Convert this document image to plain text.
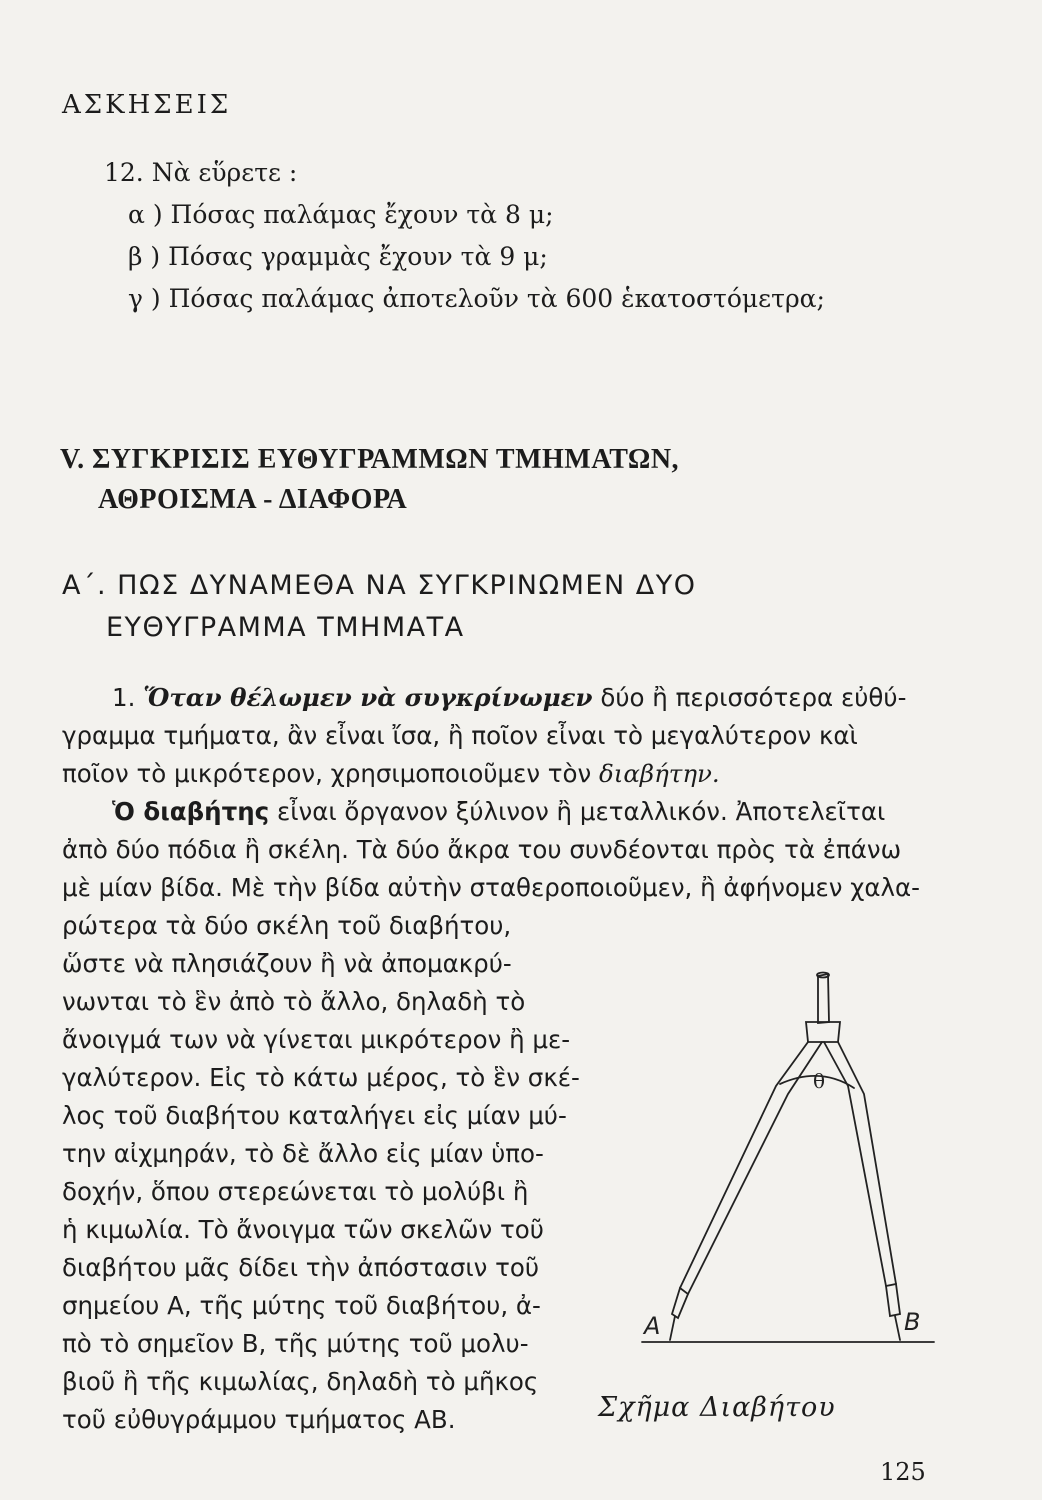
ΑΣΚΗΣΕΙΣ
12. Νὰ εὕρετε :
α ) Πόσας παλάμας ἔχουν τὰ 8 μ;
β ) Πόσας γραμμὰς ἔχουν τὰ 9 μ;
γ ) Πόσας παλάμας ἀποτελοῦν τὰ 600 ἑκατοστόμετρα;
V. ΣΥΓΚΡΙΣΙΣ ΕΥΘΥΓΡΑΜΜΩΝ ΤΜΗΜΑΤΩΝ,
ΑΘΡΟΙΣΜΑ - ΔΙΑΦΟΡΑ
Α΄. ΠΩΣ ΔΥΝΑΜΕΘΑ ΝΑ ΣΥΓΚΡΙΝΩΜΕΝ ΔΥΟ
ΕΥΘΥΓΡΑΜΜΑ ΤΜΗΜΑΤΑ
1. Ὅταν θέλωμεν νὰ συγκρίνωμεν δύο ἢ περισσότερα εὐθύ-
γραμμα τμήματα, ἂν εἶναι ἴσα, ἢ ποῖον εἶναι τὸ μεγαλύτερον καὶ
ποῖον τὸ μικρότερον, χρησιμοποιοῦμεν τὸν διαβήτην.
Ὁ διαβήτης εἶναι ὄργανον ξύλινον ἢ μεταλλικόν. Ἀποτελεῖται
ἀπὸ δύο πόδια ἢ σκέλη. Τὰ δύο ἄκρα του συνδέονται πρὸς τὰ ἐπάνω
μὲ μίαν βίδα. Μὲ τὴν βίδα αὐτὴν σταθεροποιοῦμεν, ἢ ἀφήνομεν χαλα-
ρώτερα τὰ δύο σκέλη τοῦ διαβήτου,
ὥστε νὰ πλησιάζουν ἢ νὰ ἀπομακρύ-
νωνται τὸ ἓν ἀπὸ τὸ ἄλλο, δηλαδὴ τὸ
ἄνοιγμά των νὰ γίνεται μικρότερον ἢ με-
γαλύτερον. Εἰς τὸ κάτω μέρος, τὸ ἓν σκέ-
λος τοῦ διαβήτου καταλήγει εἰς μίαν μύ-
την αἰχμηράν, τὸ δὲ ἄλλο εἰς μίαν ὑπο-
δοχήν, ὅπου στερεώνεται τὸ μολύβι ἢ
ἡ κιμωλία. Τὸ ἄνοιγμα τῶν σκελῶν τοῦ
διαβήτου μᾶς δίδει τὴν ἀπόστασιν τοῦ
σημείου Α, τῆς μύτης τοῦ διαβήτου, ἀ-
πὸ τὸ σημεῖον Β, τῆς μύτης τοῦ μολυ-
βιοῦ ἢ τῆς κιμωλίας, δηλαδὴ τὸ μῆκος
τοῦ εὐθυγράμμου τμήματος ΑΒ.
θ
Α	Β
Σχῆμα Διαβήτου
125
